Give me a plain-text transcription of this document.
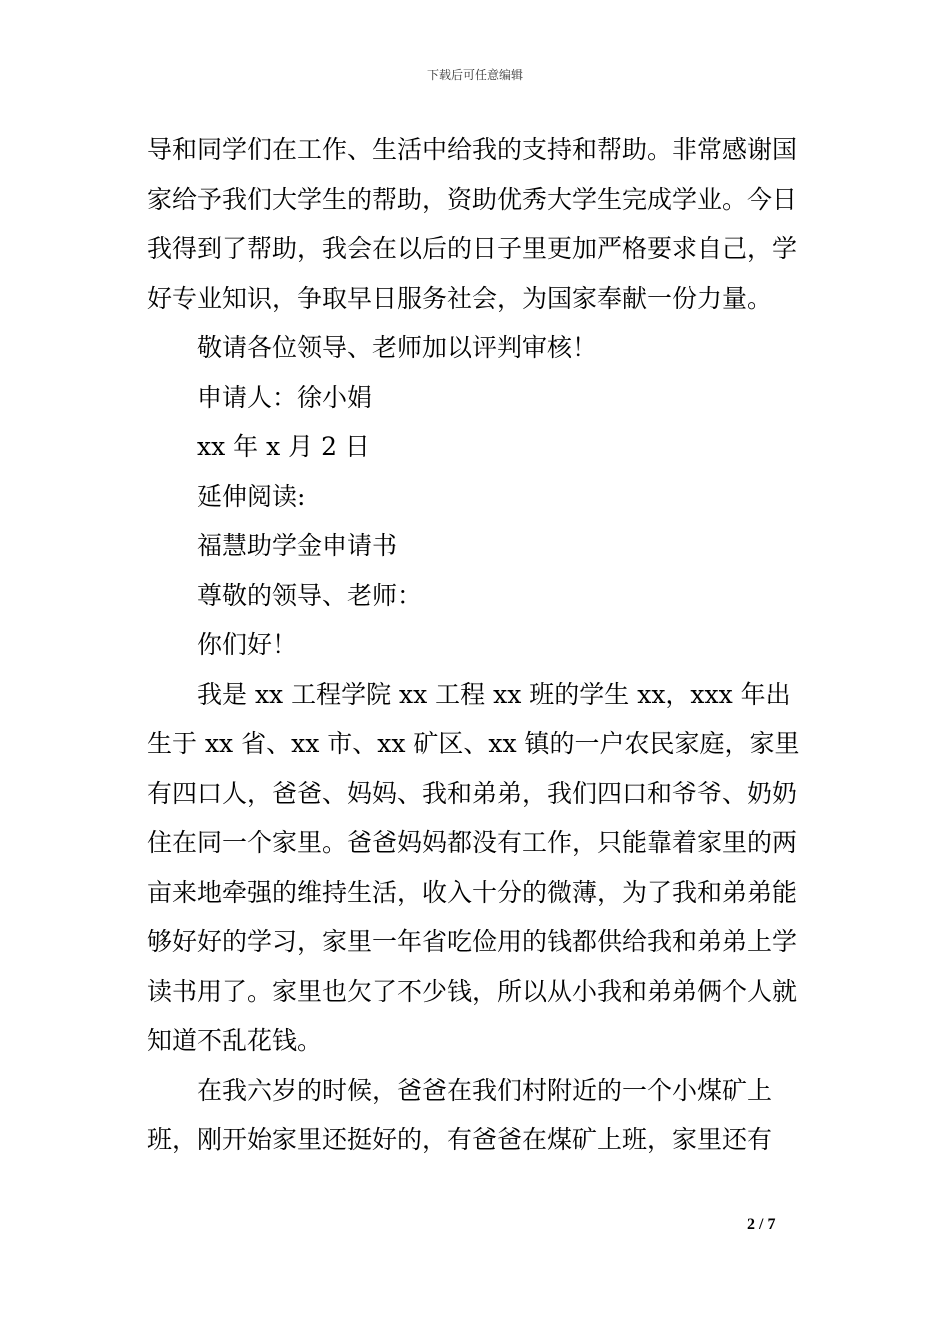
下载后可任意编辑

导和同学们在工作、生活中给我的支持和帮助。非常感谢国家给予我们大学生的帮助，资助优秀大学生完成学业。今日我得到了帮助，我会在以后的日子里更加严格要求自己，学好专业知识，争取早日服务社会，为国家奉献一份力量。

敬请各位领导、老师加以评判审核！

申请人：徐小娟

xx 年 x 月 2 日

延伸阅读:

福慧助学金申请书

尊敬的领导、老师：

你们好！

我是 xx 工程学院 xx 工程 xx 班的学生 xx，xxx 年出生于 xx 省、xx 市、xx 矿区、xx 镇的一户农民家庭，家里有四口人，爸爸、妈妈、我和弟弟，我们四口和爷爷、奶奶住在同一个家里。爸爸妈妈都没有工作，只能靠着家里的两亩来地牵强的维持生活，收入十分的微薄，为了我和弟弟能够好好的学习，家里一年省吃俭用的钱都供给我和弟弟上学读书用了。家里也欠了不少钱，所以从小我和弟弟俩个人就知道不乱花钱。

在我六岁的时候，爸爸在我们村附近的一个小煤矿上班，刚开始家里还挺好的，有爸爸在煤矿上班，家里还有

2 / 7
